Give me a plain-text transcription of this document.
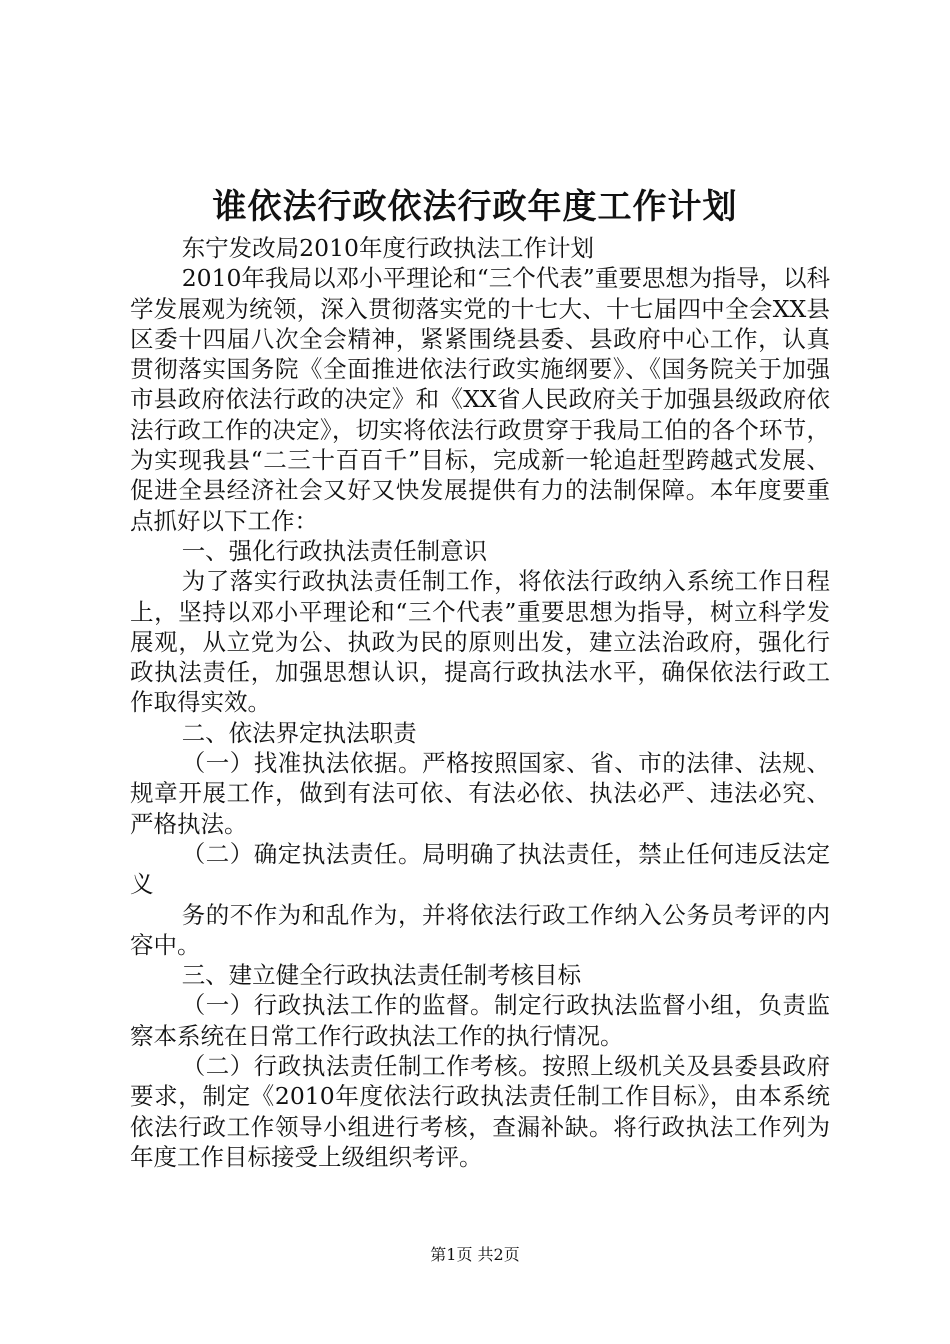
谁依法行政依法行政年度工作计划

东宁发改局2010年度行政执法工作计划

2010年我局以邓小平理论和“三个代表”重要思想为指导，以科学发展观为统领，深入贯彻落实党的十七大、十七届四中全会XX县区委十四届八次全会精神，紧紧围绕县委、县政府中心工作，认真贯彻落实国务院《全面推进依法行政实施纲要》、《国务院关于加强市县政府依法行政的决定》和《XX省人民政府关于加强县级政府依法行政工作的决定》，切实将依法行政贯穿于我局工伯的各个环节，为实现我县“二三十百百千”目标，完成新一轮追赶型跨越式发展、促进全县经济社会又好又快发展提供有力的法制保障。本年度要重点抓好以下工作：

一、强化行政执法责任制意识

为了落实行政执法责任制工作，将依法行政纳入系统工作日程上，坚持以邓小平理论和“三个代表”重要思想为指导，树立科学发展观，从立党为公、执政为民的原则出发，建立法治政府，强化行政执法责任，加强思想认识，提高行政执法水平，确保依法行政工作取得实效。

二、依法界定执法职责

（一）找准执法依据。严格按照国家、省、市的法律、法规、规章开展工作，做到有法可依、有法必依、执法必严、违法必究、严格执法。

（二）确定执法责任。局明确了执法责任，禁止任何违反法定义

务的不作为和乱作为，并将依法行政工作纳入公务员考评的内容中。

三、建立健全行政执法责任制考核目标

（一）行政执法工作的监督。制定行政执法监督小组，负责监察本系统在日常工作行政执法工作的执行情况。

（二）行政执法责任制工作考核。按照上级机关及县委县政府要求，制定《2010年度依法行政执法责任制工作目标》，由本系统依法行政工作领导小组进行考核，查漏补缺。将行政执法工作列为年度工作目标接受上级组织考评。

第1页 共2页
